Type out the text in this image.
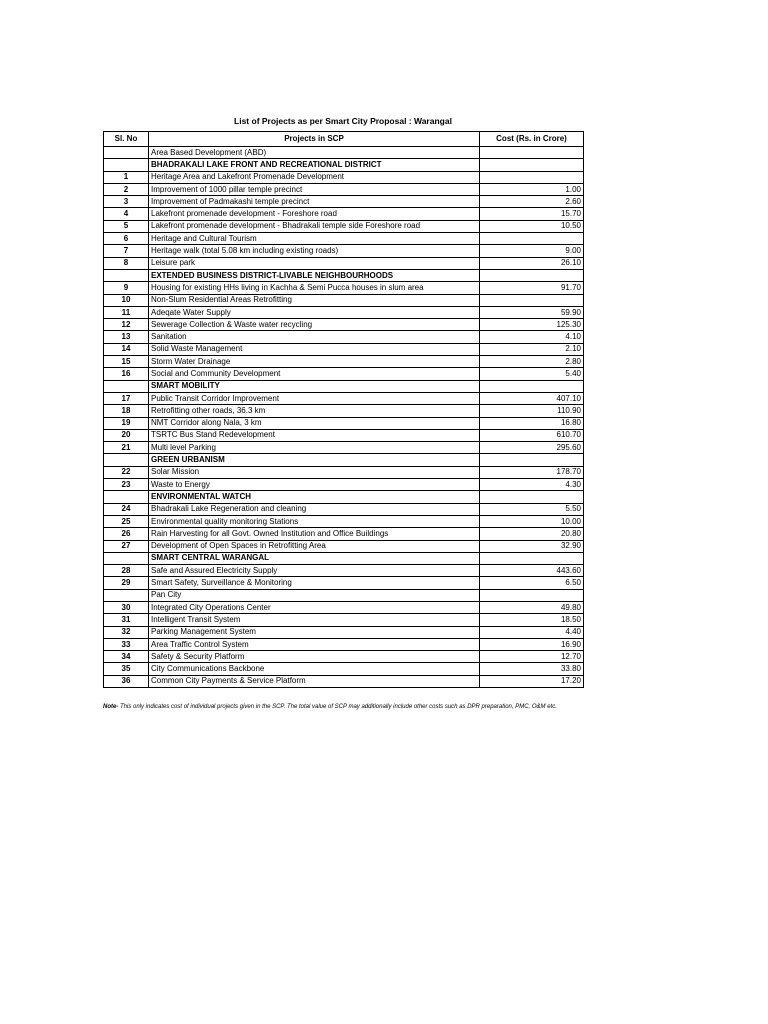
List of Projects as per Smart City Proposal : Warangal
Sl. No	Projects in SCP	Cost (Rs. in Crore)
	Area Based Development (ABD)	
	BHADRAKALI LAKE FRONT AND RECREATIONAL DISTRICT	
1	Heritage Area and Lakefront Promenade Development	
2	Improvement of 1000 pillar temple precinct	1.00
3	Improvement of Padmakashi temple precinct	2.60
4	Lakefront promenade development - Foreshore road	15.70
5	Lakefront promenade development - Bhadrakali temple side Foreshore road	10.50
6	Heritage and Cultural Tourism	
7	Heritage walk (total 5.08 km including existing roads)	9.00
8	Leisure park	26.10
	EXTENDED BUSINESS DISTRICT-LIVABLE NEIGHBOURHOODS	
9	Housing for existing HHs living in Kachha & Semi Pucca houses in slum area	91.70
10	Non-Slum Residential Areas Retrofitting	
11	Adeqate Water Supply	59.90
12	Sewerage Collection & Waste water recycling	125.30
13	Sanitation	4.10
14	Solid Waste Management	2.10
15	Storm Water Drainage	2.80
16	Social and Community Development	5.40
	SMART MOBILITY	
17	Public Transit Corridor Improvement	407.10
18	Retrofitting other roads, 36.3 km	110.90
19	NMT Corridor along Nala, 3 km	16.80
20	TSRTC Bus Stand Redevelopment	610.70
21	Multi level Parking	295.60
	GREEN URBANISM	
22	Solar Mission	178.70
23	Waste to Energy	4.30
	ENVIRONMENTAL WATCH	
24	Bhadrakali Lake Regeneration and cleaning	5.50
25	Environmental quality monitoring Stations	10.00
26	Rain Harvesting for all Govt. Owned Institution and Office Buildings	20.80
27	Development of Open Spaces in Retrofitting Area	32.90
	SMART CENTRAL WARANGAL	
28	Safe and Assured Electricity Supply	443.60
29	Smart Safety, Surveillance & Monitoring	6.50
	Pan City	
30	Integrated City Operations Center	49.80
31	Intelligent Transit System	18.50
32	Parking Management System	4.40
33	Area Traffic Control System	16.90
34	Safety & Security Platform	12.70
35	City Communications Backbone	33.80
36	Common City Payments & Service Platform	17.20
Note- This only indicates cost of individual projects given in the SCP. The total value of SCP may additionally include other costs such as DPR preparation, PMC, O&M etc.
